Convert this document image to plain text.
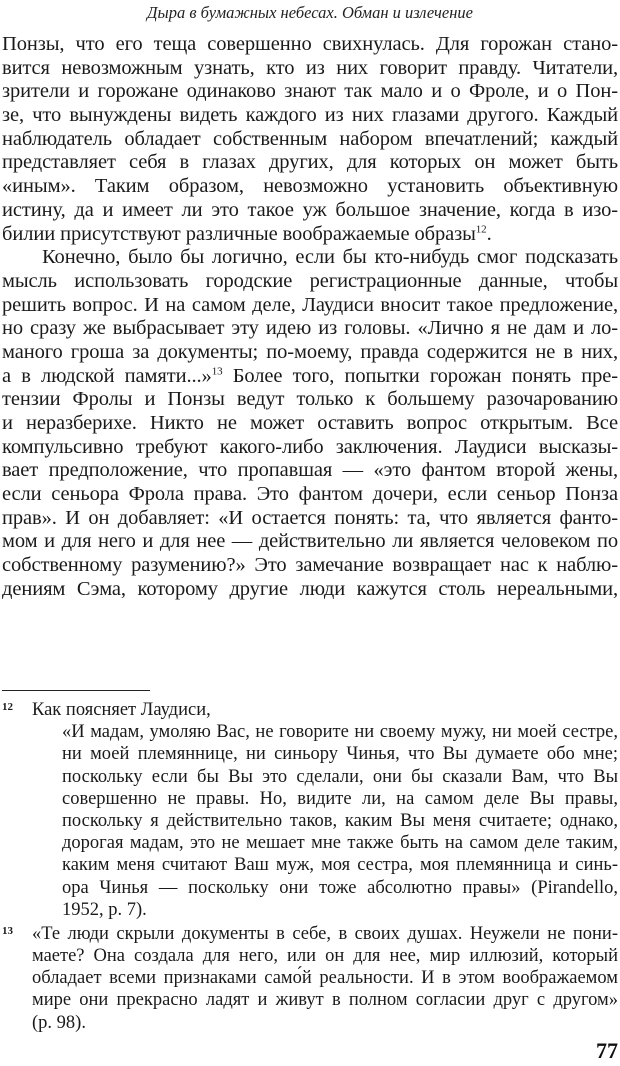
Дыра в бумажных небесах. Обман и излечение
Понзы, что его теща совершенно свихнулась. Для горожан стано-
вится невозможным узнать, кто из них говорит правду. Читатели,
зрители и горожане одинаково знают так мало и о Фроле, и о Пон-
зе, что вынуждены видеть каждого из них глазами другого. Каждый
наблюдатель обладает собственным набором впечатлений; каждый
представляет себя в глазах других, для которых он может быть
«иным». Таким образом, невозможно установить объективную
истину, да и имеет ли это такое уж большое значение, когда в изо-
билии присутствуют различные воображаемые образы$^{12}$.
Конечно, было бы логично, если бы кто-нибудь смог подсказать
мысль использовать городские регистрационные данные, чтобы
решить вопрос. И на самом деле, Лаудиси вносит такое предложение,
но сразу же выбрасывает эту идею из головы. «Лично я не дам и ло-
маного гроша за документы; по-моему, правда содержится не в них,
а в людской памяти...»$^{13}$ Более того, попытки горожан понять пре-
тензии Фролы и Понзы ведут только к большему разочарованию
и неразберихе. Никто не может оставить вопрос открытым. Все
компульсивно требуют какого-либо заключения. Лаудиси высказы-
вает предположение, что пропавшая — «это фантом второй жены,
если сеньора Фрола права. Это фантом дочери, если сеньор Понза
прав». И он добавляет: «И остается понять: та, что является фанто-
мом и для него и для нее — действительно ли является человеком по
собственному разумению?» Это замечание возвращает нас к наблю-
дениям Сэма, которому другие люди кажутся столь нереальными,
12	Как поясняет Лаудиси,
«И мадам, умоляю Вас, не говорите ни своему мужу, ни моей сестре,
ни моей племяннице, ни синьору Чинья, что Вы думаете обо мне;
поскольку если бы Вы это сделали, они бы сказали Вам, что Вы
совершенно не правы. Но, видите ли, на самом деле Вы правы,
поскольку я действительно таков, каким Вы меня считаете; однако,
дорогая мадам, это не мешает мне также быть на самом деле таким,
каким меня считают Ваш муж, моя сестра, моя племянница и синь-
ора Чинья — поскольку они тоже абсолютно правы» (Pirandello,
1952, p. 7).
13	«Те люди скрыли документы в себе, в своих душах. Неужели не пони-
маете? Она создала для него, или он для нее, мир иллюзий, который
обладает всеми признаками само́й реальности. И в этом воображаемом
мире они прекрасно ладят и живут в полном согласии друг с другом»
(p. 98).
77
